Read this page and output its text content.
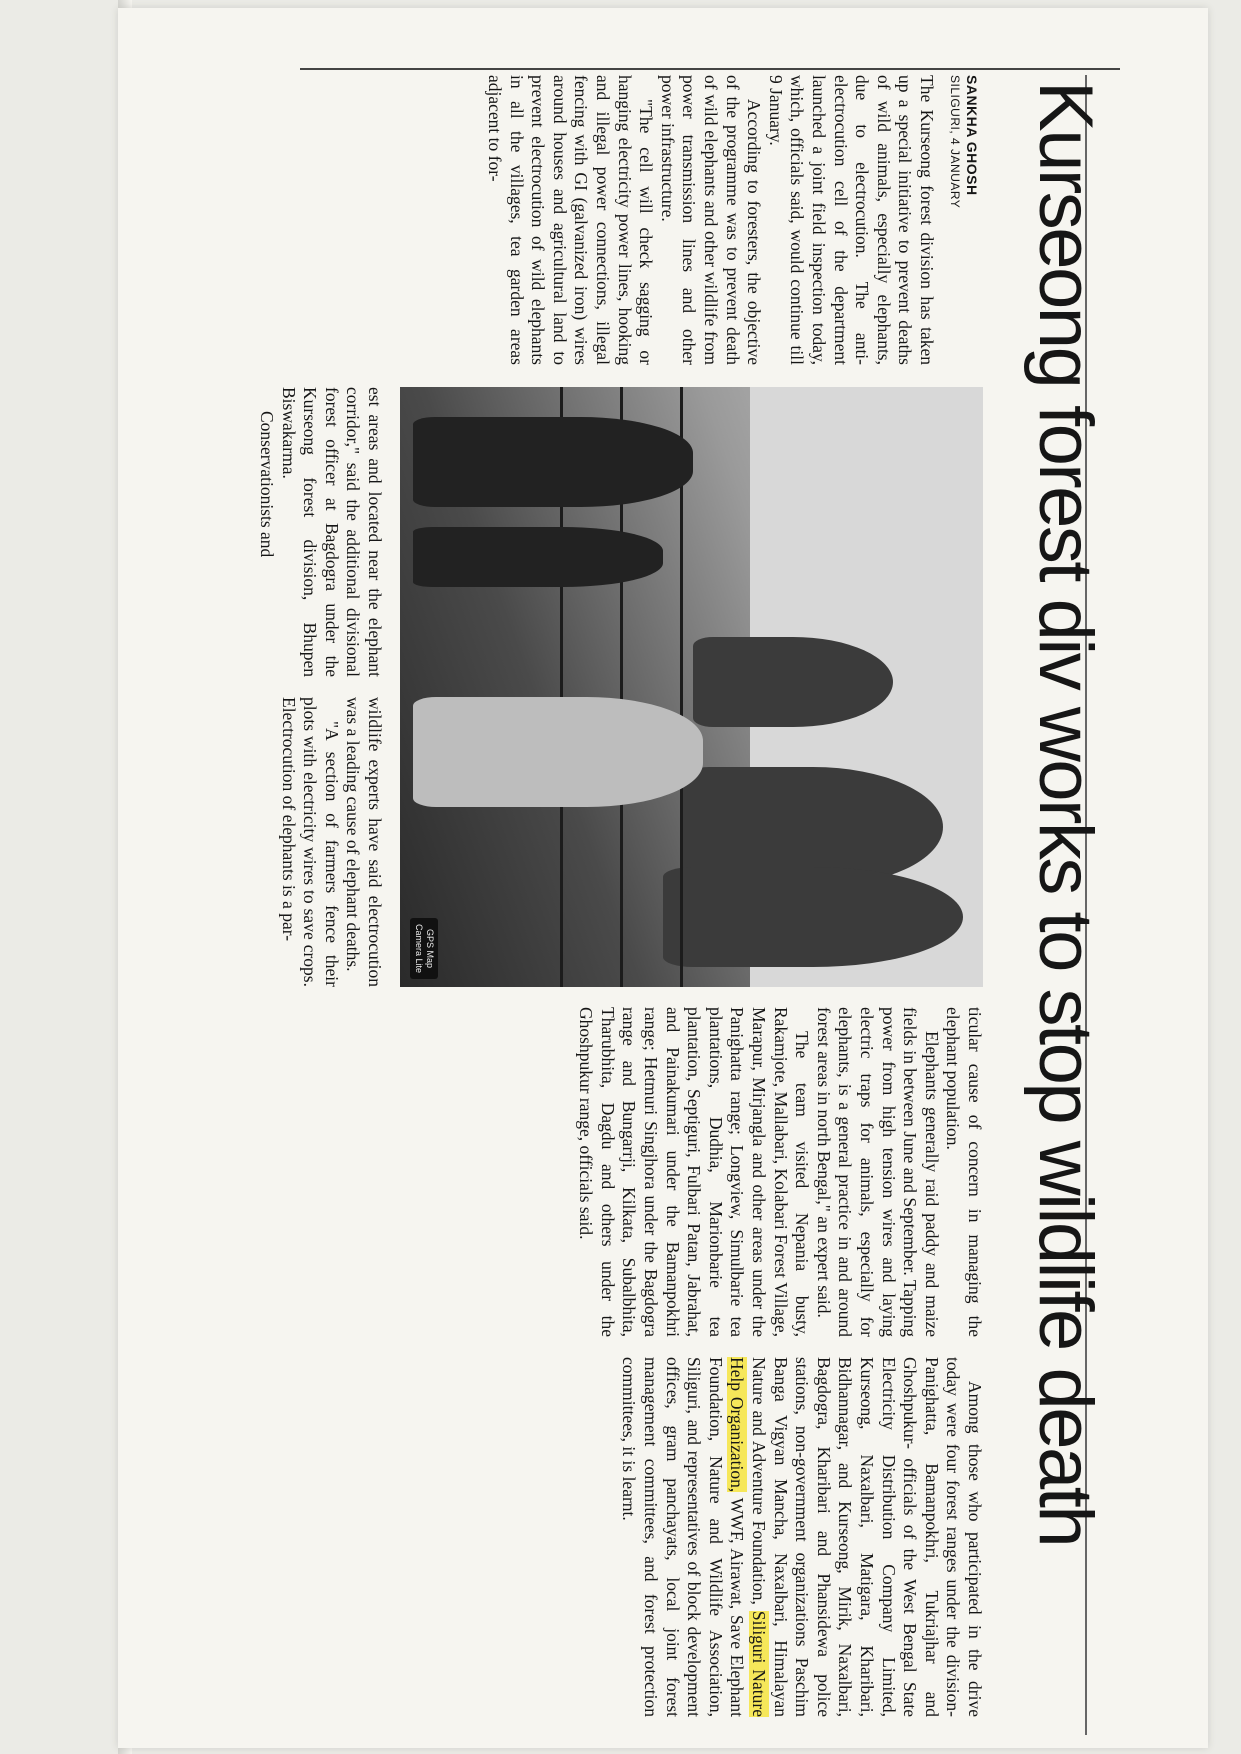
Kurseong forest div works to stop wildlife death
SANKHA GHOSH
SILIGURI, 4 JANUARY

The Kurseong forest division has taken up a special initiative to prevent deaths of wild animals, especially elephants, due to electrocution. The anti-electrocution cell of the department launched a joint field inspection today, which, officials said, would continue till 9 January.

According to foresters, the objective of the programme was to prevent death of wild elephants and other wildlife from power transmission lines and other power infrastructure.

"The cell will check sagging or hanging electricity power lines, hooking and illegal power connections, illegal fencing with GI (galvanized iron) wires around houses and agricultural land to prevent electrocution of wild elephants in all the villages, tea garden areas adjacent to for-

GPS Map
Camera Lite

est areas and located near the elephant corridor," said the additional divisional forest officer at Bagdogra under the Kurseong forest division, Bhupen Biswakarma.

Conservationists and

wildlife experts have said electrocution was a leading cause of elephant deaths.

"A section of farmers fence their plots with electricity wires to save crops. Electrocution of elephants is a par-

ticular cause of concern in managing the elephant population.

Elephants generally raid paddy and maize fields in between June and September. Tapping power from high tension wires and laying electric traps for animals, especially for elephants, is a general practice in and around forest areas in north Bengal," an expert said.

The team visited Nepania busty, Rakamjote, Mallabari, Kolabari Forest Village, Marapur, Mirjangla and other areas under the Panighatta range; Longview, Simulbarie tea plantations, Dudhia, Marionbarie tea plantation, Septiguri, Fulbari Patan, Jabrahat, and Painakumari under the Bamanpokhri range; Hetmuri Singjhora under the Bagdogra range and Bungarrji, Kilkata, Subalbhita, Tharubhita, Dagdu and others under the Ghoshpukur range, officials said.

Among those who participated in the drive today were four forest ranges under the division-Panighatta, Bamanpokhri, Tukriajhar and Ghoshpukur- officials of the West Bengal State Electricity Distribution Company Limited, Kurseong, Naxalbari, Matigara, Kharibari, Bidhannagar, and Kurseong, Mirik, Naxalbari, Bagdogra, Kharibari and Phansidewa police stations, non-government organizations Paschim Banga Vigyan Mancha, Naxalbari, Himalayan Nature and Adventure Foundation, Siliguri Nature Help Organization, WWF, Airawat, Save Elephant Foundation, Nature and Wildlife Association, Siliguri, and representatives of block development offices, gram panchayats, local joint forest management committees, and forest protection committees, it is learnt.
